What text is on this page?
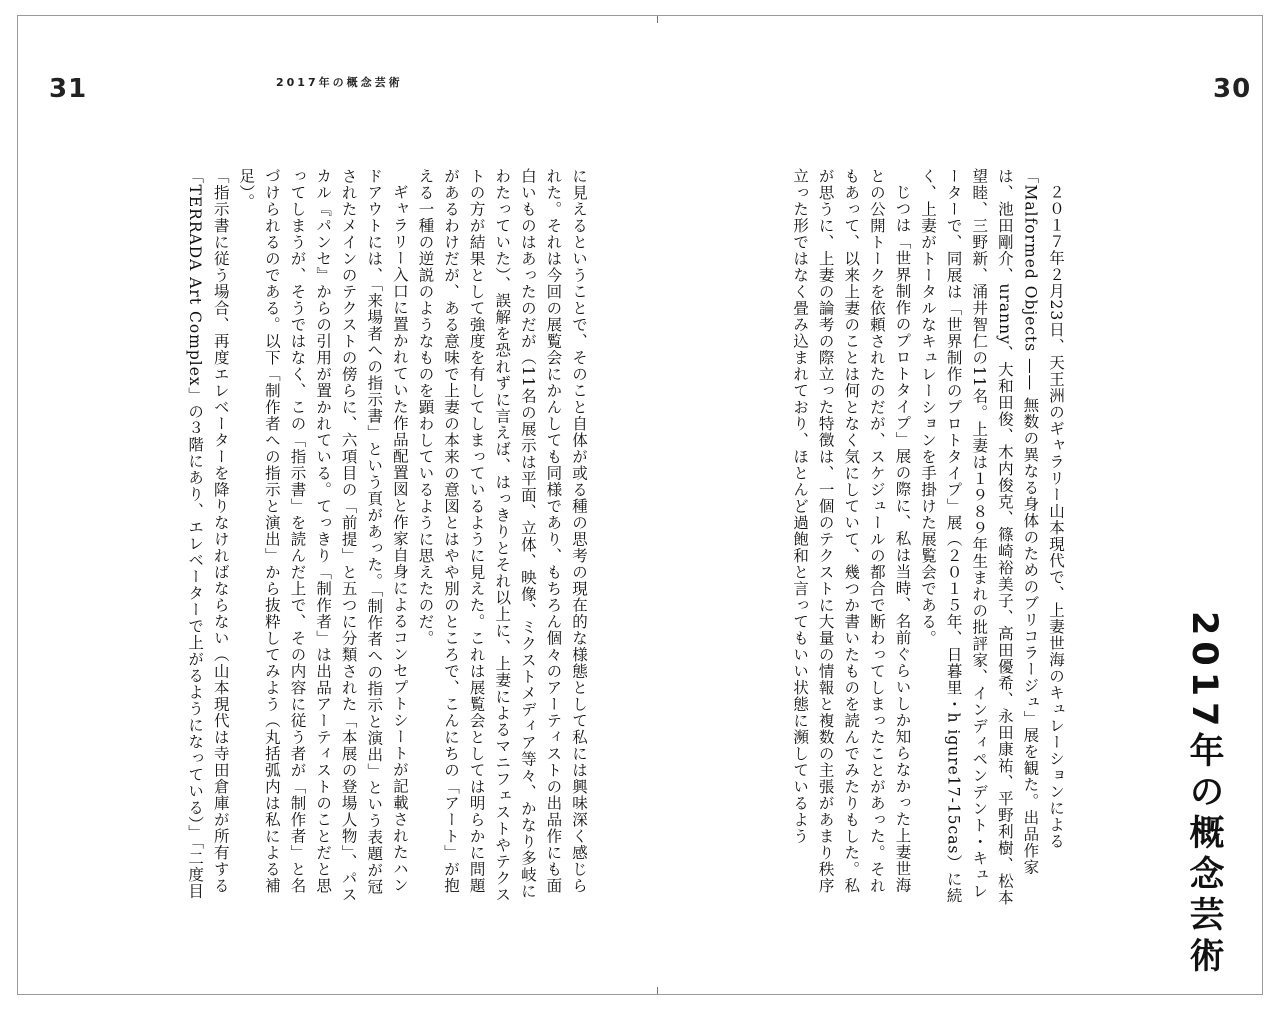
31	2017年の概念芸術

に見えるということで、そのこと自体が或る種の思考の現在的な様態として私には興味深く感じられた。それは今回の展覧会にかんしても同様であり、もちろん個々のアーティストの出品作にも面白いものはあったのだが（11名の展示は平面、立体、映像、ミクストメディア等々、かなり多岐にわたっていた）、誤解を恐れずに言えば、はっきりとそれ以上に、上妻によるマニフェストやテクストの方が結果として強度を有してしまっているように見えた。これは展覧会としては明らかに問題があるわけだが、ある意味で上妻の本来の意図とはやや別のところで、こんにちの「アート」が抱える一種の逆説のようなものを顕わしているように思えたのだ。

ギャラリー入口に置かれていた作品配置図と作家自身によるコンセプトシートが記載されたハンドアウトには、「来場者への指示書」という頁があった。「制作者への指示と演出」という表題が冠されたメインのテクストの傍らに、六項目の「前提」と五つに分類された「本展の登場人物」、パスカル『パンセ』からの引用が置かれている。てっきり「制作者」は出品アーティストのことだと思ってしまうが、そうではなく、この「指示書」を読んだ上で、その内容に従う者が「制作者」と名づけられるのである。以下「制作者への指示と演出」から抜粋してみよう（丸括弧内は私による補足）。

「指示書に従う場合、再度エレベーターを降りなければならない（山本現代は寺田倉庫が所有する「TERRADA Art Complex」の３階にあり、エレベーターで上がるようになっている）」「二度目

30

２０１７年２月23日、天王洲のギャラリー山本現代で、上妻世海のキュレーションによる「Malformed Objects —— 無数の異なる身体のためのブリコラージュ」展を観た。出品作家は、池田剛介、uranny、大和田俊、木内俊克、篠崎裕美子、高田優希、永田康祐、平野利樹、松本望睦、三野新、涌井智仁の11名。上妻は１９８９年生まれの批評家、インディペンデント・キュレーターで、同展は「世界制作のプロトタイプ」展（２０１５年、日暮里・h igure17-15cas）に続く、上妻がトータルなキュレーションを手掛けた展覧会である。

じつは「世界制作のプロトタイプ」展の際に、私は当時、名前ぐらいしか知らなかった上妻世海との公開トークを依頼されたのだが、スケジュールの都合で断わってしまったことがあった。それもあって、以来上妻のことは何となく気にしていて、幾つか書いたものを読んでみたりもした。私が思うに、上妻の論考の際立った特徴は、一個のテクストに大量の情報と複数の主張があまり秩序立った形ではなく畳み込まれており、ほとんど過飽和と言ってもいい状態に瀕しているよう	2017年の概念芸術
